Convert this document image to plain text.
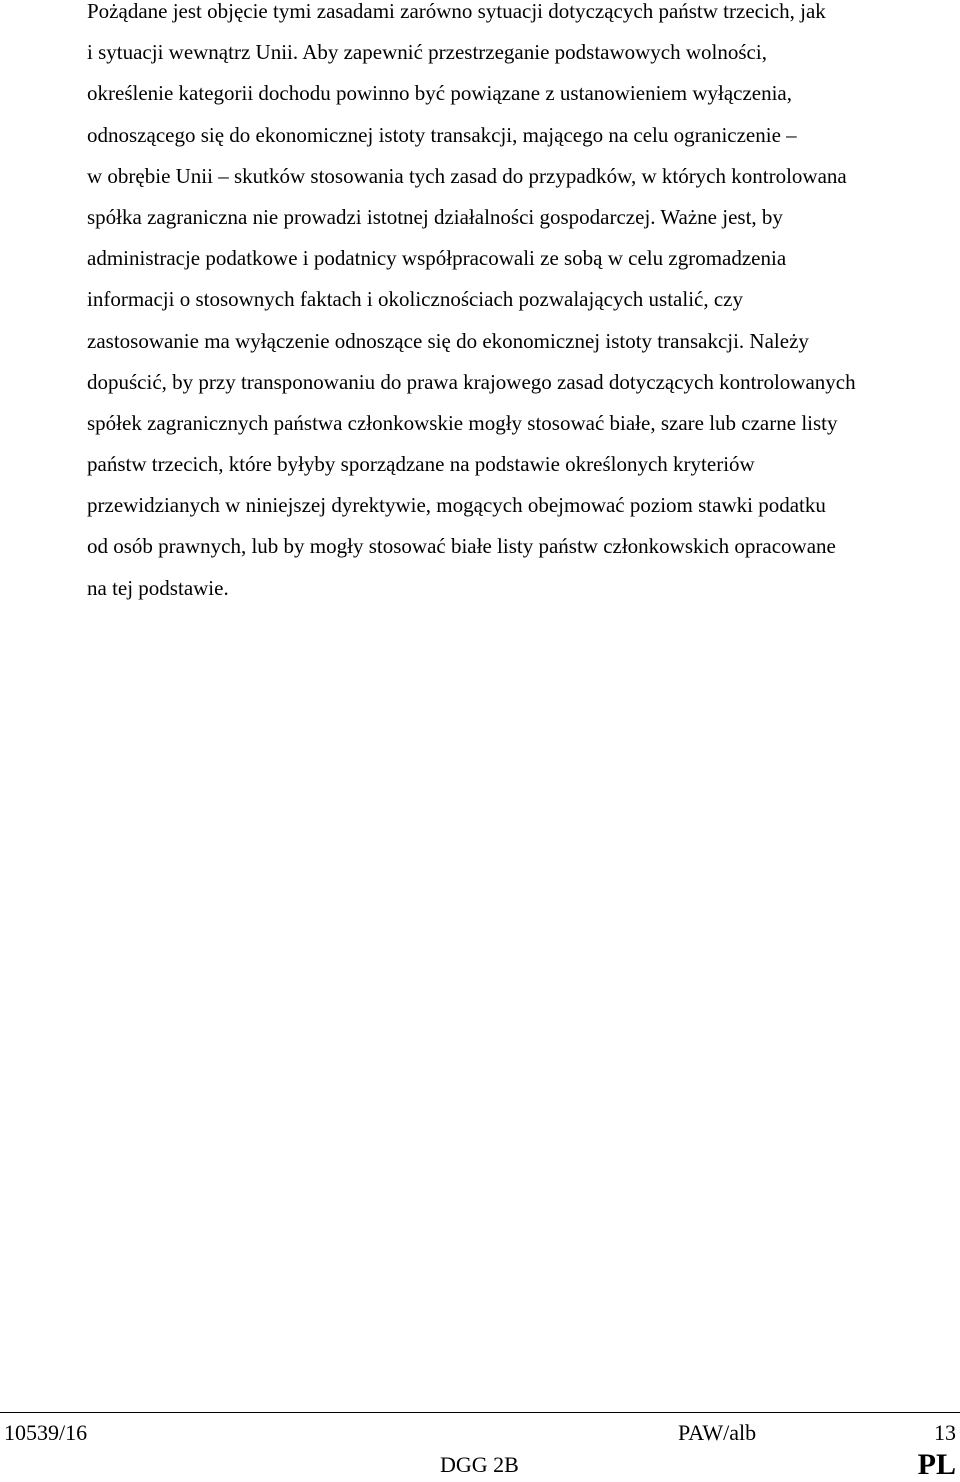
Pożądane jest objęcie tymi zasadami zarówno sytuacji dotyczących państw trzecich, jak
i sytuacji wewnątrz Unii. Aby zapewnić przestrzeganie podstawowych wolności,
określenie kategorii dochodu powinno być powiązane z ustanowieniem wyłączenia,
odnoszącego się do ekonomicznej istoty transakcji, mającego na celu ograniczenie –
w obrębie Unii – skutków stosowania tych zasad do przypadków, w których kontrolowana
spółka zagraniczna nie prowadzi istotnej działalności gospodarczej. Ważne jest, by
administracje podatkowe i podatnicy współpracowali ze sobą w celu zgromadzenia
informacji o stosownych faktach i okolicznościach pozwalających ustalić, czy
zastosowanie ma wyłączenie odnoszące się do ekonomicznej istoty transakcji. Należy
dopuścić, by przy transponowaniu do prawa krajowego zasad dotyczących kontrolowanych
spółek zagranicznych państwa członkowskie mogły stosować białe, szare lub czarne listy
państw trzecich, które byłyby sporządzane na podstawie określonych kryteriów
przewidzianych w niniejszej dyrektywie, mogących obejmować poziom stawki podatku
od osób prawnych, lub by mogły stosować białe listy państw członkowskich opracowane
na tej podstawie.
10539/16	PAW/alb	13
DGG 2B	PL
